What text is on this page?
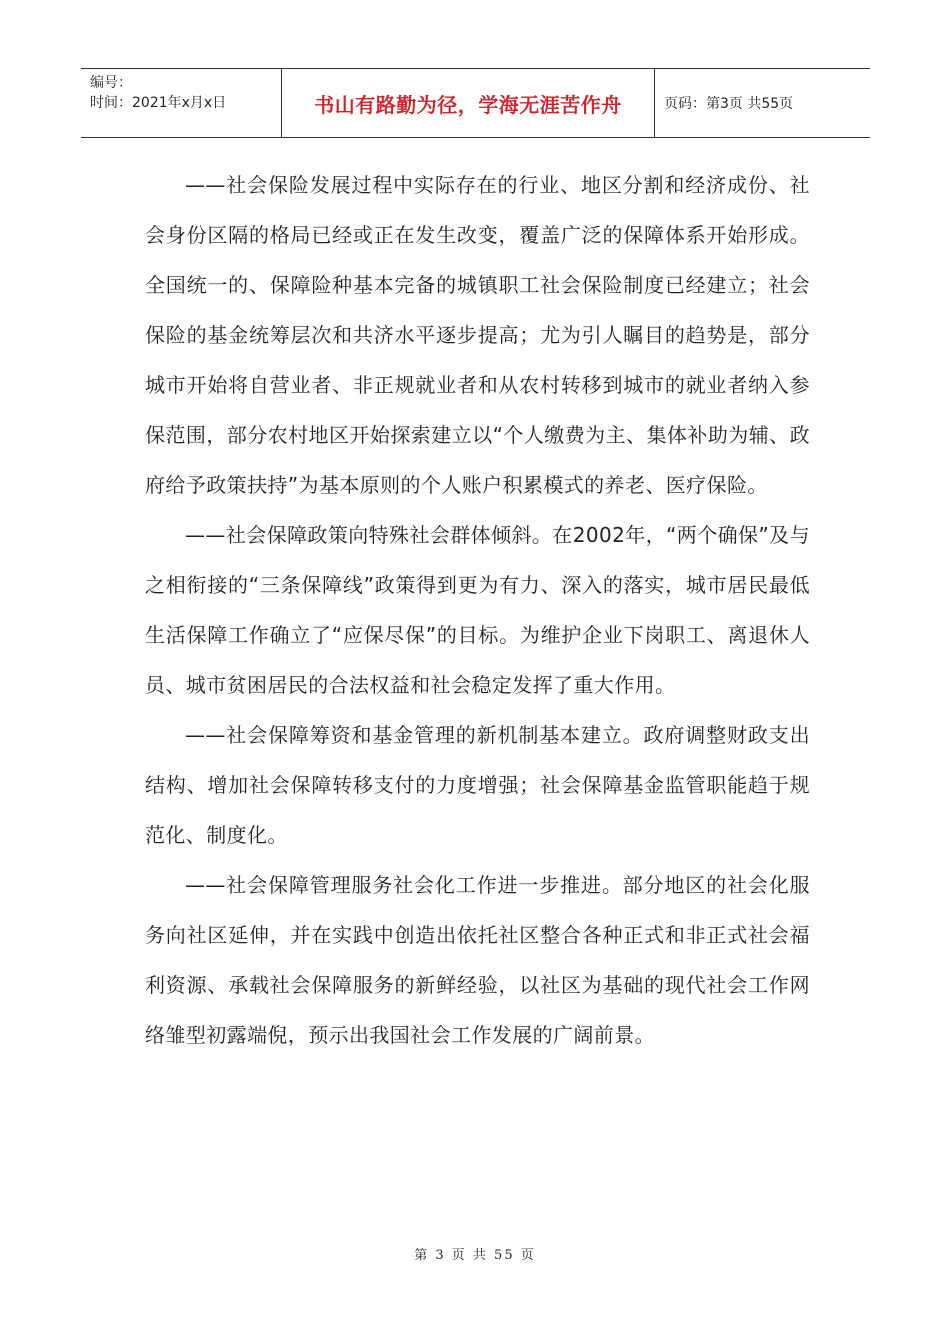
编号：
时间：2021年x月x日	书山有路勤为径，学海无涯苦作舟	页码：第3页 共55页

——社会保险发展过程中实际存在的行业、地区分割和经济成份、社会身份区隔的格局已经或正在发生改变，覆盖广泛的保障体系开始形成。全国统一的、保障险种基本完备的城镇职工社会保险制度已经建立；社会保险的基金统筹层次和共济水平逐步提高；尤为引人瞩目的趋势是，部分城市开始将自营业者、非正规就业者和从农村转移到城市的就业者纳入参保范围，部分农村地区开始探索建立以“个人缴费为主、集体补助为辅、政府给予政策扶持”为基本原则的个人账户积累模式的养老、医疗保险。

——社会保障政策向特殊社会群体倾斜。在2002年，“两个确保”及与之相衔接的“三条保障线”政策得到更为有力、深入的落实，城市居民最低生活保障工作确立了“应保尽保”的目标。为维护企业下岗职工、离退休人员、城市贫困居民的合法权益和社会稳定发挥了重大作用。

——社会保障筹资和基金管理的新机制基本建立。政府调整财政支出结构、增加社会保障转移支付的力度增强；社会保障基金监管职能趋于规范化、制度化。

——社会保障管理服务社会化工作进一步推进。部分地区的社会化服务向社区延伸，并在实践中创造出依托社区整合各种正式和非正式社会福利资源、承载社会保障服务的新鲜经验，以社区为基础的现代社会工作网络雏型初露端倪，预示出我国社会工作发展的广阔前景。

第 3 页 共 55 页
